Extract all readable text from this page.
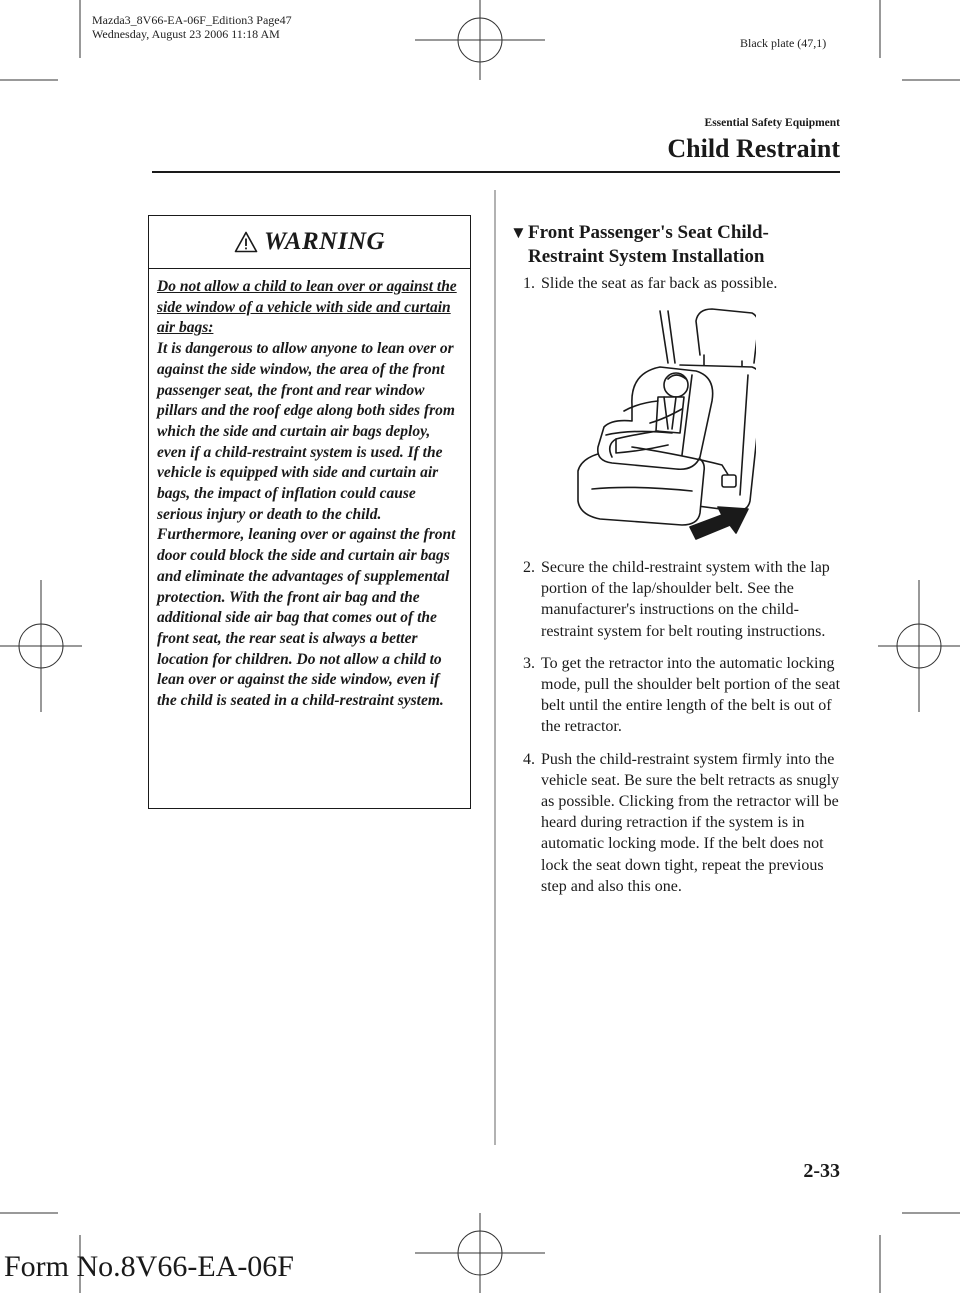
Mazda3_8V66-EA-06F_Edition3 Page47
Wednesday, August 23 2006 11:18 AM
Black plate (47,1)
Essential Safety Equipment
Child Restraint
WARNING
Do not allow a child to lean over or against the side window of a vehicle with side and curtain air bags:
It is dangerous to allow anyone to lean over or against the side window, the area of the front passenger seat, the front and rear window pillars and the roof edge along both sides from which the side and curtain air bags deploy, even if a child-restraint system is used. If the vehicle is equipped with side and curtain air bags, the impact of inflation could cause serious injury or death to the child. Furthermore, leaning over or against the front door could block the side and curtain air bags and eliminate the advantages of supplemental protection. With the front air bag and the additional side air bag that comes out of the front seat, the rear seat is always a better location for children. Do not allow a child to lean over or against the side window, even if the child is seated in a child-restraint system.
▼ Front Passenger's Seat Child-Restraint System Installation
1. Slide the seat as far back as possible.
2. Secure the child-restraint system with the lap portion of the lap/shoulder belt. See the manufacturer's instructions on the child-restraint system for belt routing instructions.
3. To get the retractor into the automatic locking mode, pull the shoulder belt portion of the seat belt until the entire length of the belt is out of the retractor.
4. Push the child-restraint system firmly into the vehicle seat. Be sure the belt retracts as snugly as possible. Clicking from the retractor will be heard during retraction if the system is in automatic locking mode. If the belt does not lock the seat down tight, repeat the previous step and also this one.
2-33
Form No.8V66-EA-06F
